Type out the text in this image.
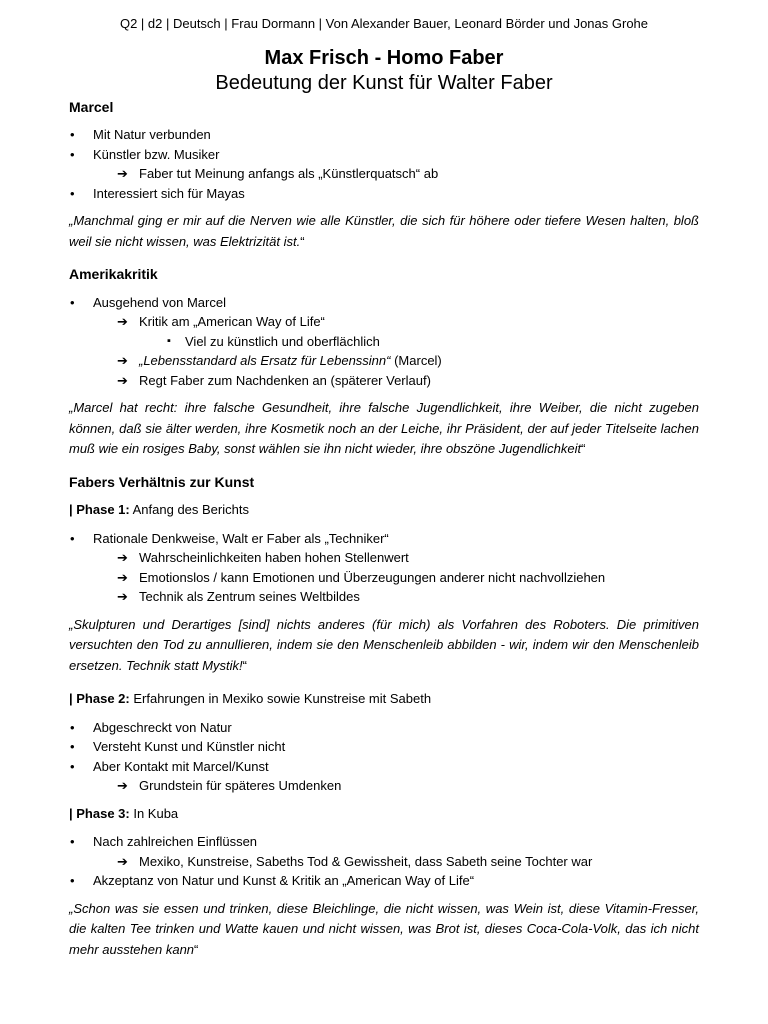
Q2 | d2 | Deutsch | Frau Dormann | Von Alexander Bauer, Leonard Börder und Jonas Grohe
Max Frisch - Homo Faber
Bedeutung der Kunst für Walter Faber
Marcel
• Mit Natur verbunden
• Künstler bzw. Musiker
➔ Faber tut Meinung anfangs als „Künstlerquatsch“ ab
• Interessiert sich für Mayas

„Manchmal ging er mir auf die Nerven wie alle Künstler, die sich für höhere oder tiefere Wesen halten, bloß weil sie nicht wissen, was Elektrizität ist.“

Amerikakritik
• Ausgehend von Marcel
➔ Kritik am „American Way of Life“
▪ Viel zu künstlich und oberflächlich
➔ „Lebensstandard als Ersatz für Lebenssinn“ (Marcel)
➔ Regt Faber zum Nachdenken an (späterer Verlauf)

„Marcel hat recht: ihre falsche Gesundheit, ihre falsche Jugendlichkeit, ihre Weiber, die nicht zugeben können, daß sie älter werden, ihre Kosmetik noch an der Leiche, ihr Präsident, der auf jeder Titelseite lachen muß wie ein rosiges Baby, sonst wählen sie ihn nicht wieder, ihre obszöne Jugendlichkeit“

Fabers Verhältnis zur Kunst
| Phase 1: Anfang des Berichts
• Rationale Denkweise, Walt er Faber als „Techniker“
➔ Wahrscheinlichkeiten haben hohen Stellenwert
➔ Emotionslos / kann Emotionen und Überzeugungen anderer nicht nachvollziehen
➔ Technik als Zentrum seines Weltbildes

„Skulpturen und Derartiges [sind] nichts anderes (für mich) als Vorfahren des Roboters. Die primitiven versuchten den Tod zu annullieren, indem sie den Menschenleib abbilden - wir, indem wir den Menschenleib ersetzen. Technik statt Mystik!“

| Phase 2: Erfahrungen in Mexiko sowie Kunstreise mit Sabeth
• Abgeschreckt von Natur
• Versteht Kunst und Künstler nicht
• Aber Kontakt mit Marcel/Kunst
➔ Grundstein für späteres Umdenken
| Phase 3: In Kuba
• Nach zahlreichen Einflüssen
➔ Mexiko, Kunstreise, Sabeths Tod & Gewissheit, dass Sabeth seine Tochter war
• Akzeptanz von Natur und Kunst & Kritik an „American Way of Life“

„Schon was sie essen und trinken, diese Bleichlinge, die nicht wissen, was Wein ist, diese Vitamin-Fresser, die kalten Tee trinken und Watte kauen und nicht wissen, was Brot ist, dieses Coca-Cola-Volk, das ich nicht mehr ausstehen kann“
